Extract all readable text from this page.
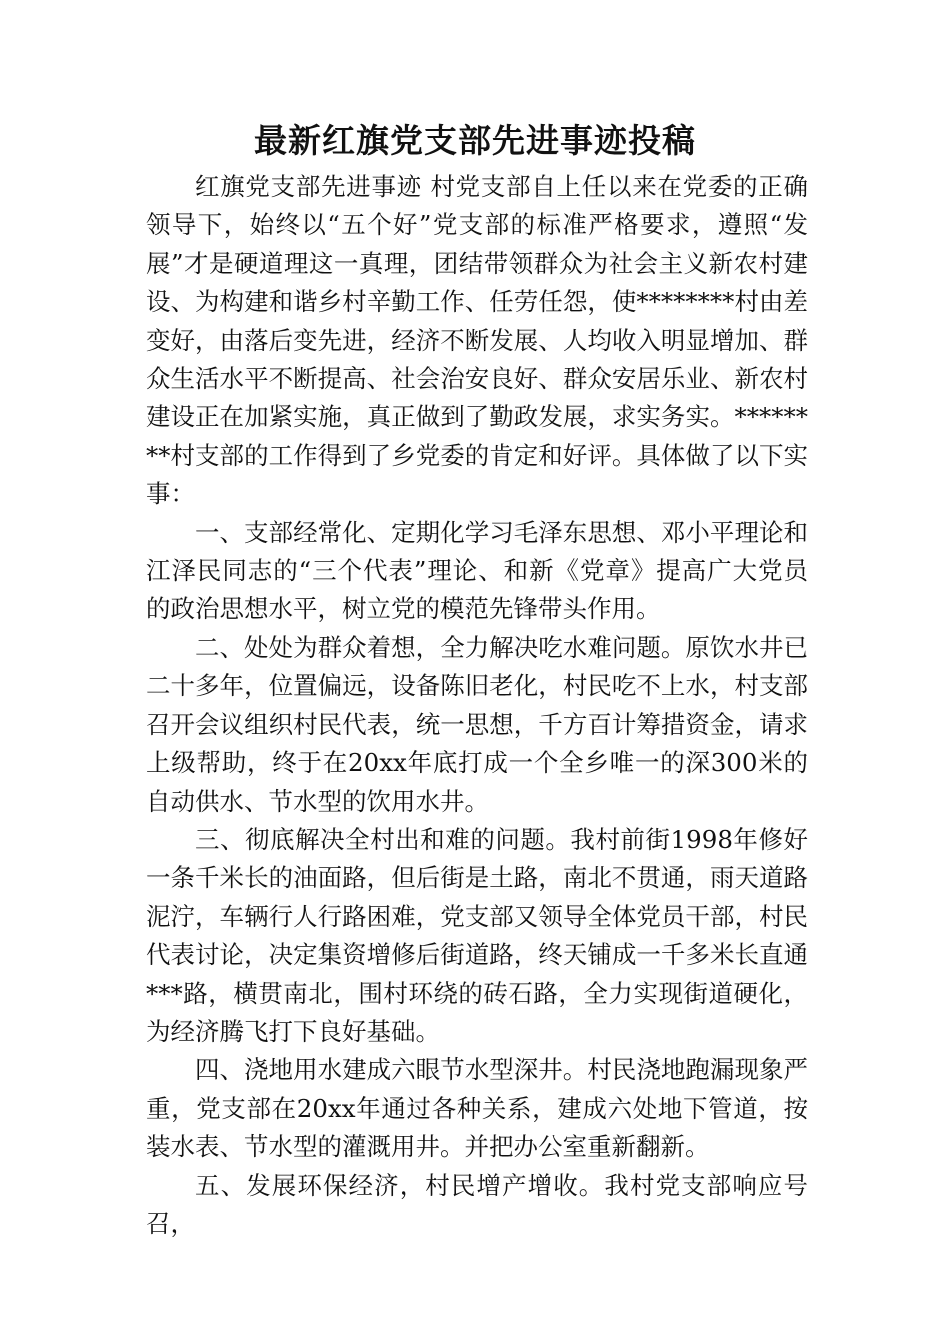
最新红旗党支部先进事迹投稿

红旗党支部先进事迹 村党支部自上任以来在党委的正确领导下，始终以“五个好”党支部的标准严格要求，遵照“发展”才是硬道理这一真理，团结带领群众为社会主义新农村建设、为构建和谐乡村辛勤工作、任劳任怨，使********村由差变好，由落后变先进，经济不断发展、人均收入明显增加、群众生活水平不断提高、社会治安良好、群众安居乐业、新农村建设正在加紧实施，真正做到了勤政发展，求实务实。********村支部的工作得到了乡党委的肯定和好评。具体做了以下实事：

一、支部经常化、定期化学习毛泽东思想、邓小平理论和江泽民同志的“三个代表”理论、和新《党章》提高广大党员的政治思想水平，树立党的模范先锋带头作用。

二、处处为群众着想，全力解决吃水难问题。原饮水井已二十多年，位置偏远，设备陈旧老化，村民吃不上水，村支部召开会议组织村民代表，统一思想，千方百计筹措资金，请求上级帮助，终于在20xx年底打成一个全乡唯一的深300米的自动供水、节水型的饮用水井。

三、彻底解决全村出和难的问题。我村前街1998年修好一条千米长的油面路，但后街是土路，南北不贯通，雨天道路泥泞，车辆行人行路困难，党支部又领导全体党员干部，村民代表讨论，决定集资增修后街道路，终天铺成一千多米长直通***路，横贯南北，围村环绕的砖石路，全力实现街道硬化，为经济腾飞打下良好基础。

四、浇地用水建成六眼节水型深井。村民浇地跑漏现象严重，党支部在20xx年通过各种关系，建成六处地下管道，按装水表、节水型的灌溉用井。并把办公室重新翻新。

五、发展环保经济，村民增产增收。我村党支部响应号召，
